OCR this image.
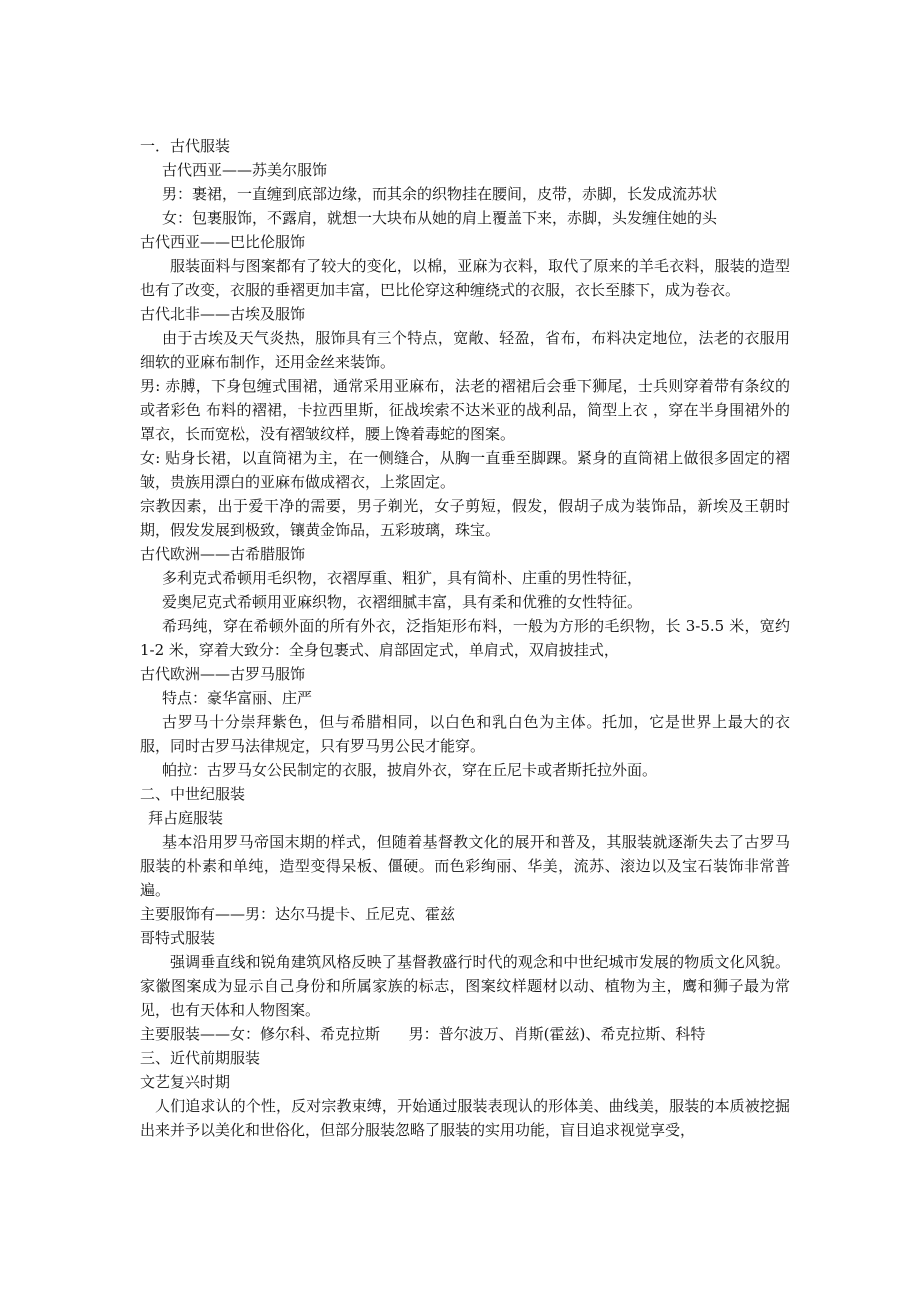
一．古代服装
古代西亚——苏美尔服饰
男：裹裙，一直缠到底部边缘，而其余的织物挂在腰间，皮带，赤脚，长发成流苏状
女：包裹服饰，不露肩，就想一大块布从她的肩上覆盖下来，赤脚，头发缠住她的头
古代西亚——巴比伦服饰

服装面料与图案都有了较大的变化，以棉，亚麻为衣料，取代了原来的羊毛衣料，服装的造型也有了改变，衣服的垂褶更加丰富，巴比伦穿这种缠绕式的衣服，衣长至膝下，成为卷衣。

古代北非——古埃及服饰

由于古埃及天气炎热，服饰具有三个特点，宽敞、轻盈，省布，布料决定地位，法老的衣服用细软的亚麻布制作，还用金丝来装饰。

男: 赤膊，下身包缠式围裙，通常采用亚麻布，法老的褶裙后会垂下狮尾，士兵则穿着带有条纹的或者彩色 布料的褶裙，卡拉西里斯，征战埃索不达米亚的战利品，简型上衣 ，穿在半身围裙外的罩衣，长而宽松，没有褶皱纹样，腰上馋着毒蛇的图案。

女: 贴身长裙，以直筒裙为主，在一侧缝合，从胸一直垂至脚踝。紧身的直筒裙上做很多固定的褶皱，贵族用漂白的亚麻布做成褶衣，上浆固定。

宗教因素，出于爱干净的需要，男子剃光，女子剪短，假发，假胡子成为装饰品，新埃及王朝时期，假发发展到极致，镶黄金饰品，五彩玻璃，珠宝。

古代欧洲——古希腊服饰
多利克式希顿用毛织物，衣褶厚重、粗犷，具有简朴、庄重的男性特征，
爱奥尼克式希顿用亚麻织物，衣褶细腻丰富，具有柔和优雅的女性特征。

希玛纯，穿在希顿外面的所有外衣，泛指矩形布料，一般为方形的毛织物，长 3-5.5 米，宽约 1-2 米，穿着大致分：全身包裹式、肩部固定式，单肩式，双肩披挂式，

古代欧洲——古罗马服饰
特点：豪华富丽、庄严

古罗马十分崇拜紫色，但与希腊相同，以白色和乳白色为主体。托加，它是世界上最大的衣服，同时古罗马法律规定，只有罗马男公民才能穿。

帕拉：古罗马女公民制定的衣服，披肩外衣，穿在丘尼卡或者斯托拉外面。
二、中世纪服装
拜占庭服装

基本沿用罗马帝国末期的样式，但随着基督教文化的展开和普及，其服装就逐渐失去了古罗马服装的朴素和单纯，造型变得呆板、僵硬。而色彩绚丽、华美，流苏、滚边以及宝石装饰非常普遍。

主要服饰有——男：达尔马提卡、丘尼克、霍兹
哥特式服装

强调垂直线和锐角建筑风格反映了基督教盛行时代的观念和中世纪城市发展的物质文化风貌。家徽图案成为显示自己身份和所属家族的标志，图案纹样题材以动、植物为主，鹰和狮子最为常见，也有天体和人物图案。

主要服装——女：修尔科、希克拉斯      男：普尔波万、肖斯(霍兹)、希克拉斯、科特
三、近代前期服装
文艺复兴时期

人们追求认的个性，反对宗教束缚，开始通过服装表现认的形体美、曲线美，服装的本质被挖掘出来并予以美化和世俗化，但部分服装忽略了服装的实用功能，盲目追求视觉享受，
